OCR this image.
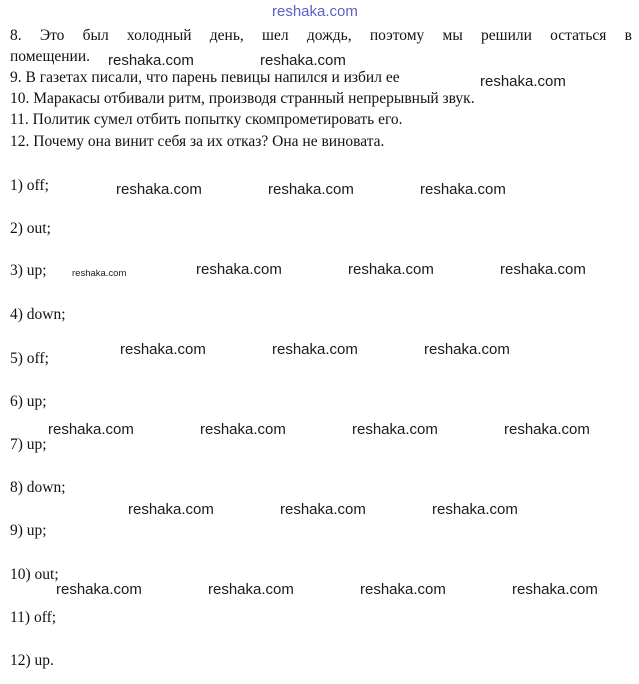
reshaka.com
8. Это был холодный день, шел дождь, поэтому мы решили остаться в
помещении.
9. В газетах писали, что парень певицы напился и избил ее
10. Маракасы отбивали ритм, производя странный непрерывный звук.
11. Политик сумел отбить попытку скомпрометировать его.
12. Почему она винит себя за их отказ? Она не виновата.
1) off;
2) out;
3) up;
4) down;
5) off;
6) up;
7) up;
8) down;
9) up;
10) out;
11) off;
12) up.
reshaka.com	reshaka.com
reshaka.com
reshaka.com	reshaka.com	reshaka.com
reshaka.com	reshaka.com	reshaka.com	reshaka.com
reshaka.com	reshaka.com	reshaka.com
reshaka.com	reshaka.com	reshaka.com	reshaka.com
reshaka.com	reshaka.com	reshaka.com
reshaka.com	reshaka.com	reshaka.com	reshaka.com
